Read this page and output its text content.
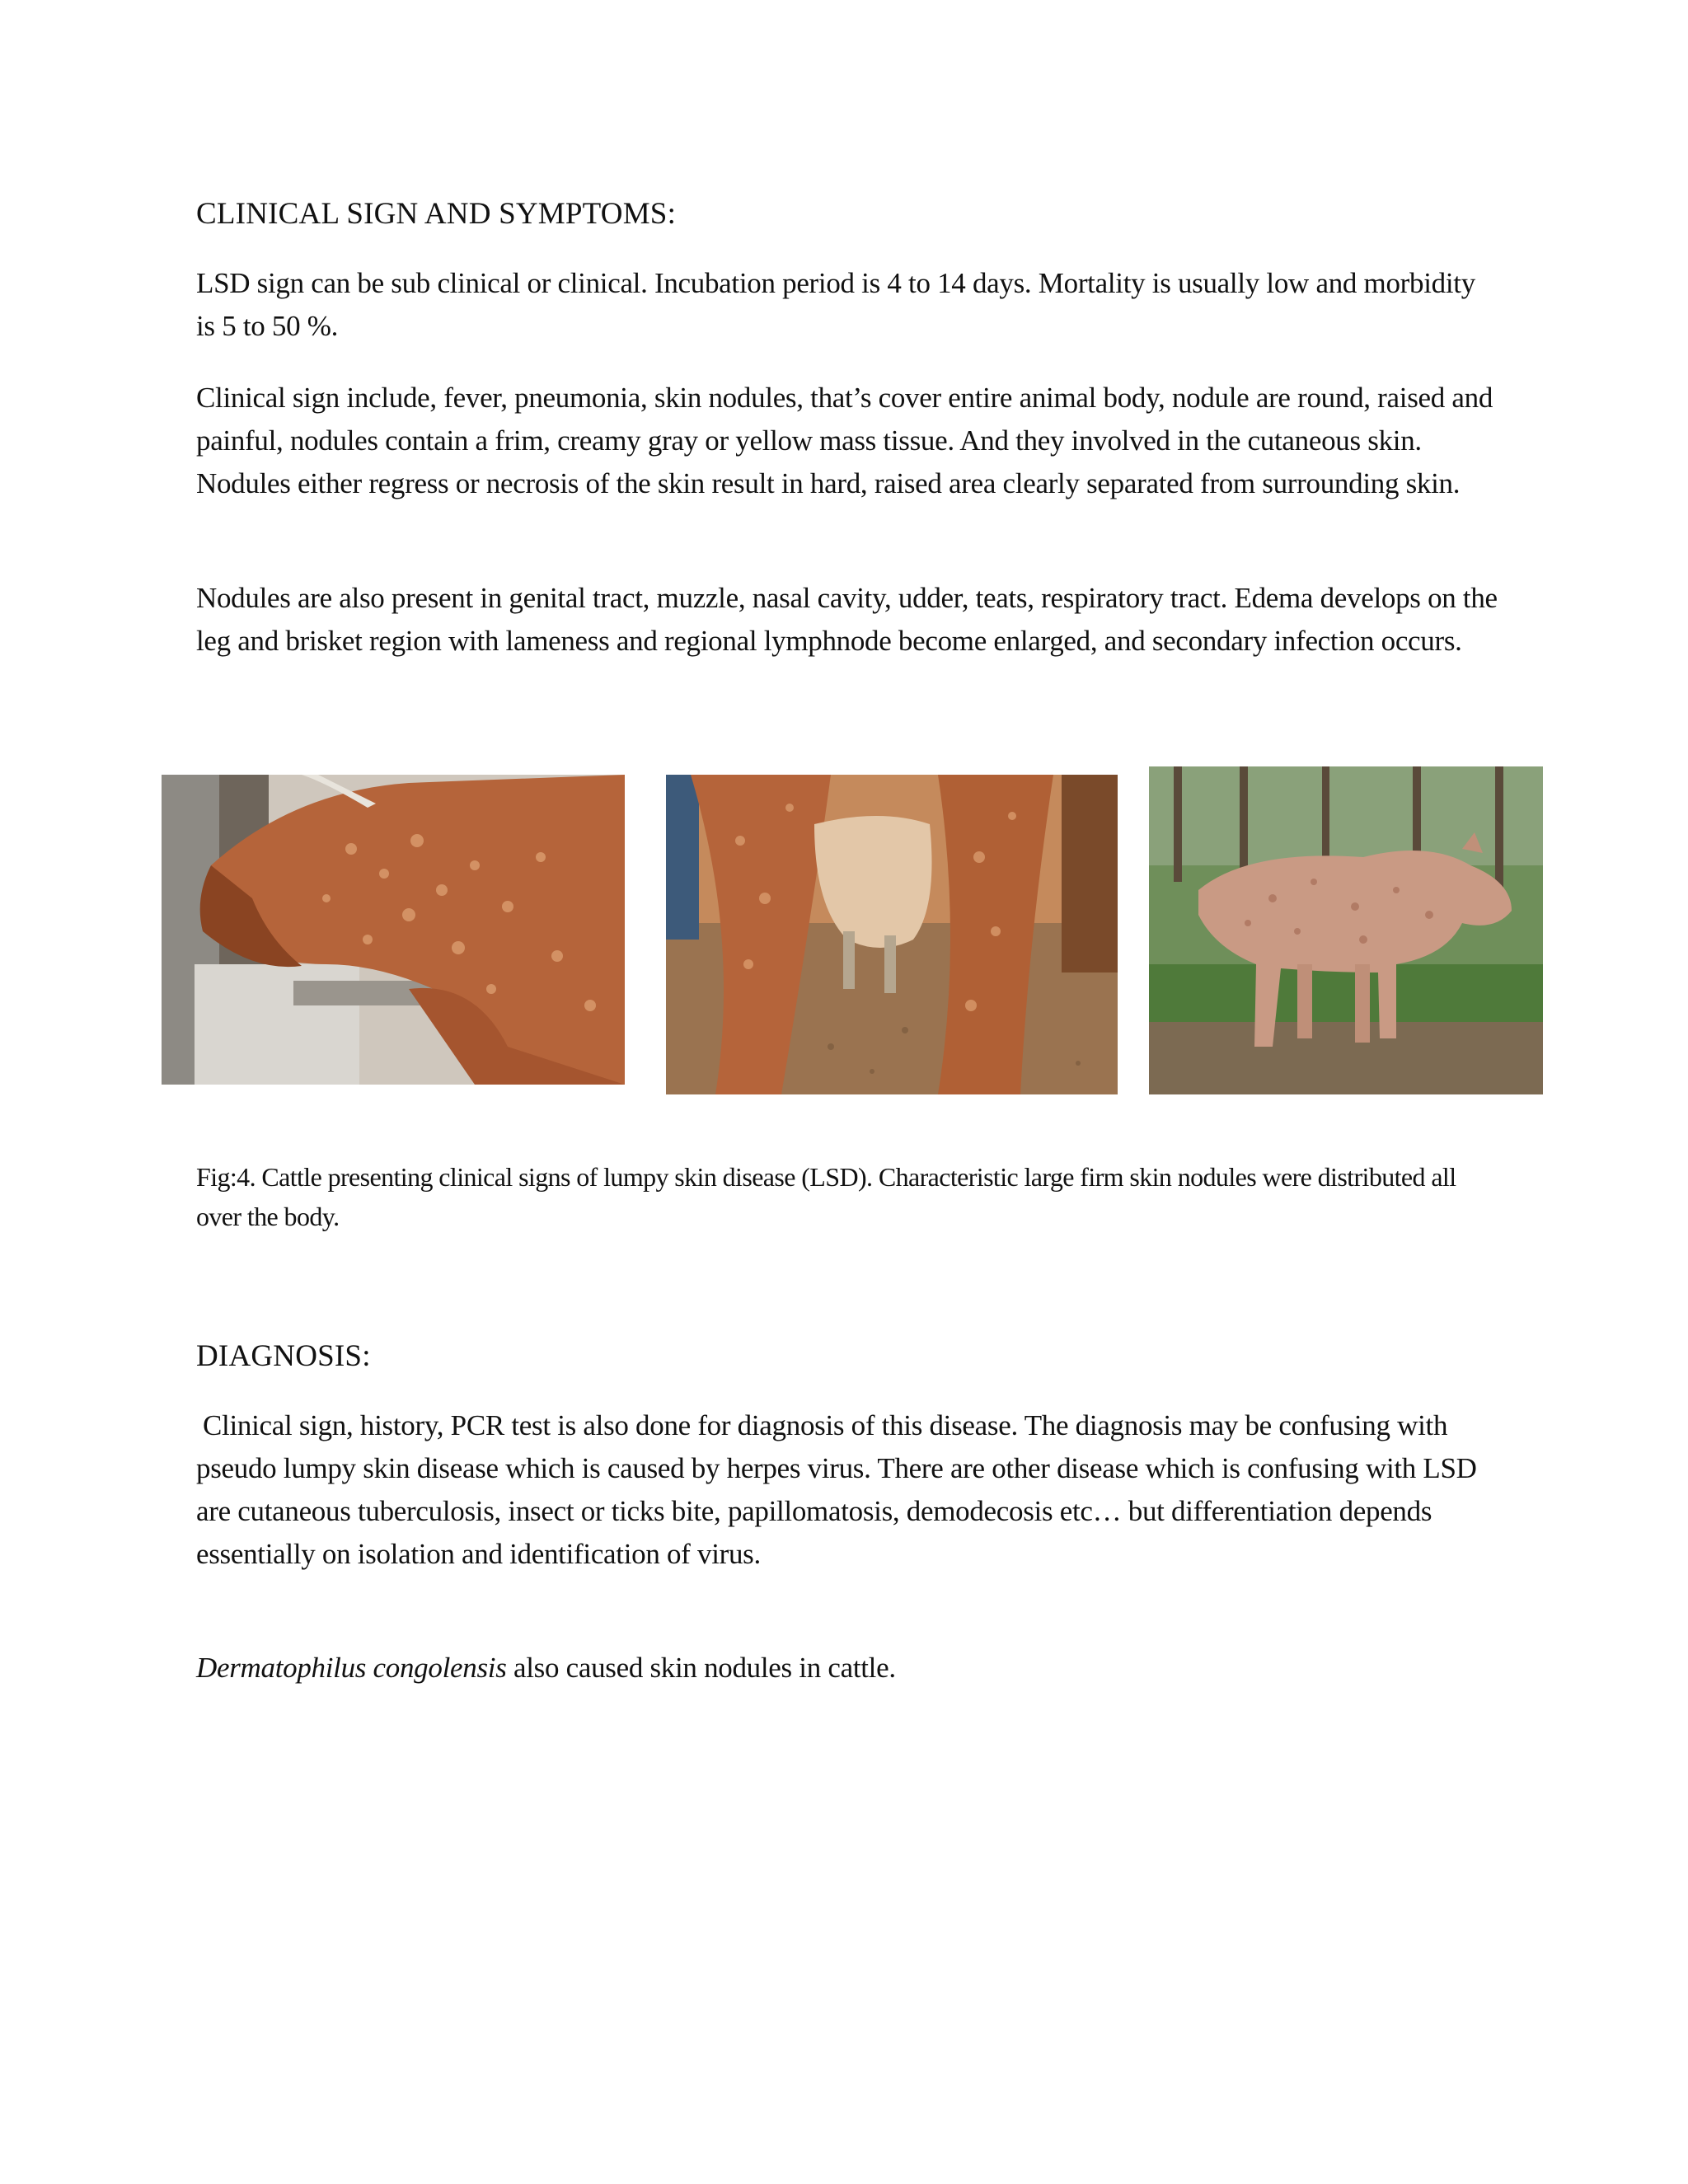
CLINICAL SIGN AND SYMPTOMS:

LSD sign can be sub clinical or clinical. Incubation period is 4 to 14 days. Mortality is usually low and morbidity is 5 to 50 %.

Clinical sign include, fever, pneumonia, skin nodules, that’s cover entire animal body, nodule are round, raised and painful, nodules contain a frim, creamy gray or yellow mass tissue. And they involved in the cutaneous skin. Nodules either regress or necrosis of the skin result in hard, raised area clearly separated from surrounding skin.

Nodules are also present in genital tract, muzzle, nasal cavity, udder, teats, respiratory tract. Edema develops on the leg and brisket region with lameness and regional lymphnode become enlarged, and secondary infection occurs.

Fig:4. Cattle presenting clinical signs of lumpy skin disease (LSD). Characteristic large firm skin nodules were distributed all over the body.
DIAGNOSIS:

Clinical sign, history, PCR test is also done for diagnosis of this disease. The diagnosis may be confusing with pseudo lumpy skin disease which is caused by herpes virus. There are other disease which is confusing with LSD are cutaneous tuberculosis, insect or ticks bite, papillomatosis, demodecosis etc… but differentiation depends essentially on isolation and identification of virus.

Dermatophilus congolensis also caused skin nodules in cattle.
